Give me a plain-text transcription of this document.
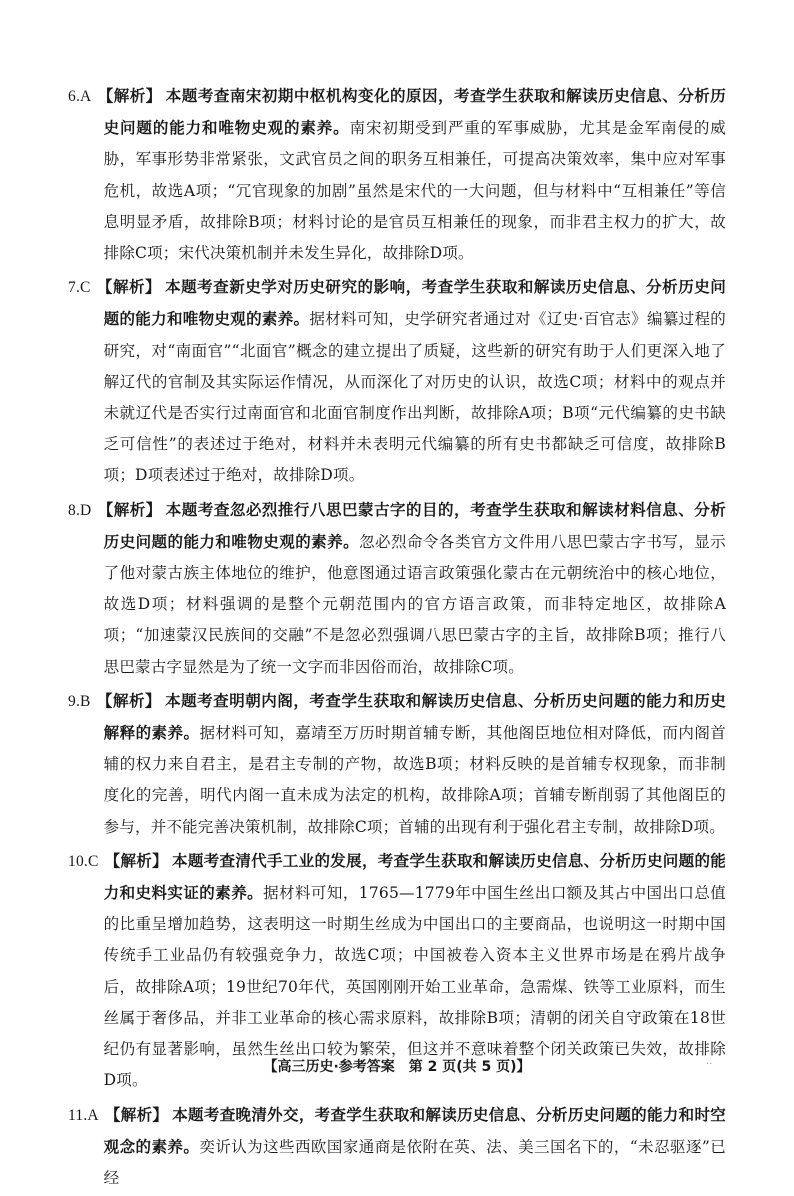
6.A 【解析】 本题考查南宋初期中枢机构变化的原因，考查学生获取和解读历史信息、分析历史问题的能力和唯物史观的素养。南宋初期受到严重的军事威胁，尤其是金军南侵的威胁，军事形势非常紧张，文武官员之间的职务互相兼任，可提高决策效率，集中应对军事危机，故选A项；“冗官现象的加剧”虽然是宋代的一大问题，但与材料中“互相兼任”等信息明显矛盾，故排除B项；材料讨论的是官员互相兼任的现象，而非君主权力的扩大，故排除C项；宋代决策机制并未发生异化，故排除D项。

7.C 【解析】 本题考查新史学对历史研究的影响，考查学生获取和解读历史信息、分析历史问题的能力和唯物史观的素养。据材料可知，史学研究者通过对《辽史·百官志》编纂过程的研究，对“南面官”“北面官”概念的建立提出了质疑，这些新的研究有助于人们更深入地了解辽代的官制及其实际运作情况，从而深化了对历史的认识，故选C项；材料中的观点并未就辽代是否实行过南面官和北面官制度作出判断，故排除A项；B项“元代编纂的史书缺乏可信性”的表述过于绝对，材料并未表明元代编纂的所有史书都缺乏可信度，故排除B项；D项表述过于绝对，故排除D项。

8.D 【解析】 本题考查忽必烈推行八思巴蒙古字的目的，考查学生获取和解读材料信息、分析历史问题的能力和唯物史观的素养。忽必烈命令各类官方文件用八思巴蒙古字书写，显示了他对蒙古族主体地位的维护，他意图通过语言政策强化蒙古在元朝统治中的核心地位，故选D项；材料强调的是整个元朝范围内的官方语言政策，而非特定地区，故排除A项；“加速蒙汉民族间的交融”不是忽必烈强调八思巴蒙古字的主旨，故排除B项；推行八思巴蒙古字显然是为了统一文字而非因俗而治，故排除C项。

9.B 【解析】 本题考查明朝内阁，考查学生获取和解读历史信息、分析历史问题的能力和历史解释的素养。据材料可知，嘉靖至万历时期首辅专断，其他阁臣地位相对降低，而内阁首辅的权力来自君主，是君主专制的产物，故选B项；材料反映的是首辅专权现象，而非制度化的完善，明代内阁一直未成为法定的机构，故排除A项；首辅专断削弱了其他阁臣的参与，并不能完善决策机制，故排除C项；首辅的出现有利于强化君主专制，故排除D项。

10.C 【解析】 本题考查清代手工业的发展，考查学生获取和解读历史信息、分析历史问题的能力和史料实证的素养。据材料可知，1765—1779年中国生丝出口额及其占中国出口总值的比重呈增加趋势，这表明这一时期生丝成为中国出口的主要商品，也说明这一时期中国传统手工业品仍有较强竞争力，故选C项；中国被卷入资本主义世界市场是在鸦片战争后，故排除A项；19世纪70年代，英国刚刚开始工业革命，急需煤、铁等工业原料，而生丝属于奢侈品，并非工业革命的核心需求原料，故排除B项；清朝的闭关自守政策在18世纪仍有显著影响，虽然生丝出口较为繁荣，但这并不意味着整个闭关政策已失效，故排除D项。

11.A 【解析】 本题考查晚清外交，考查学生获取和解读历史信息、分析历史问题的能力和时空观念的素养。奕䜣认为这些西欧国家通商是依附在英、法、美三国名下的，“未忍驱逐”已经

【高三历史·参考答案　第 2 页(共 5 页)】	..
